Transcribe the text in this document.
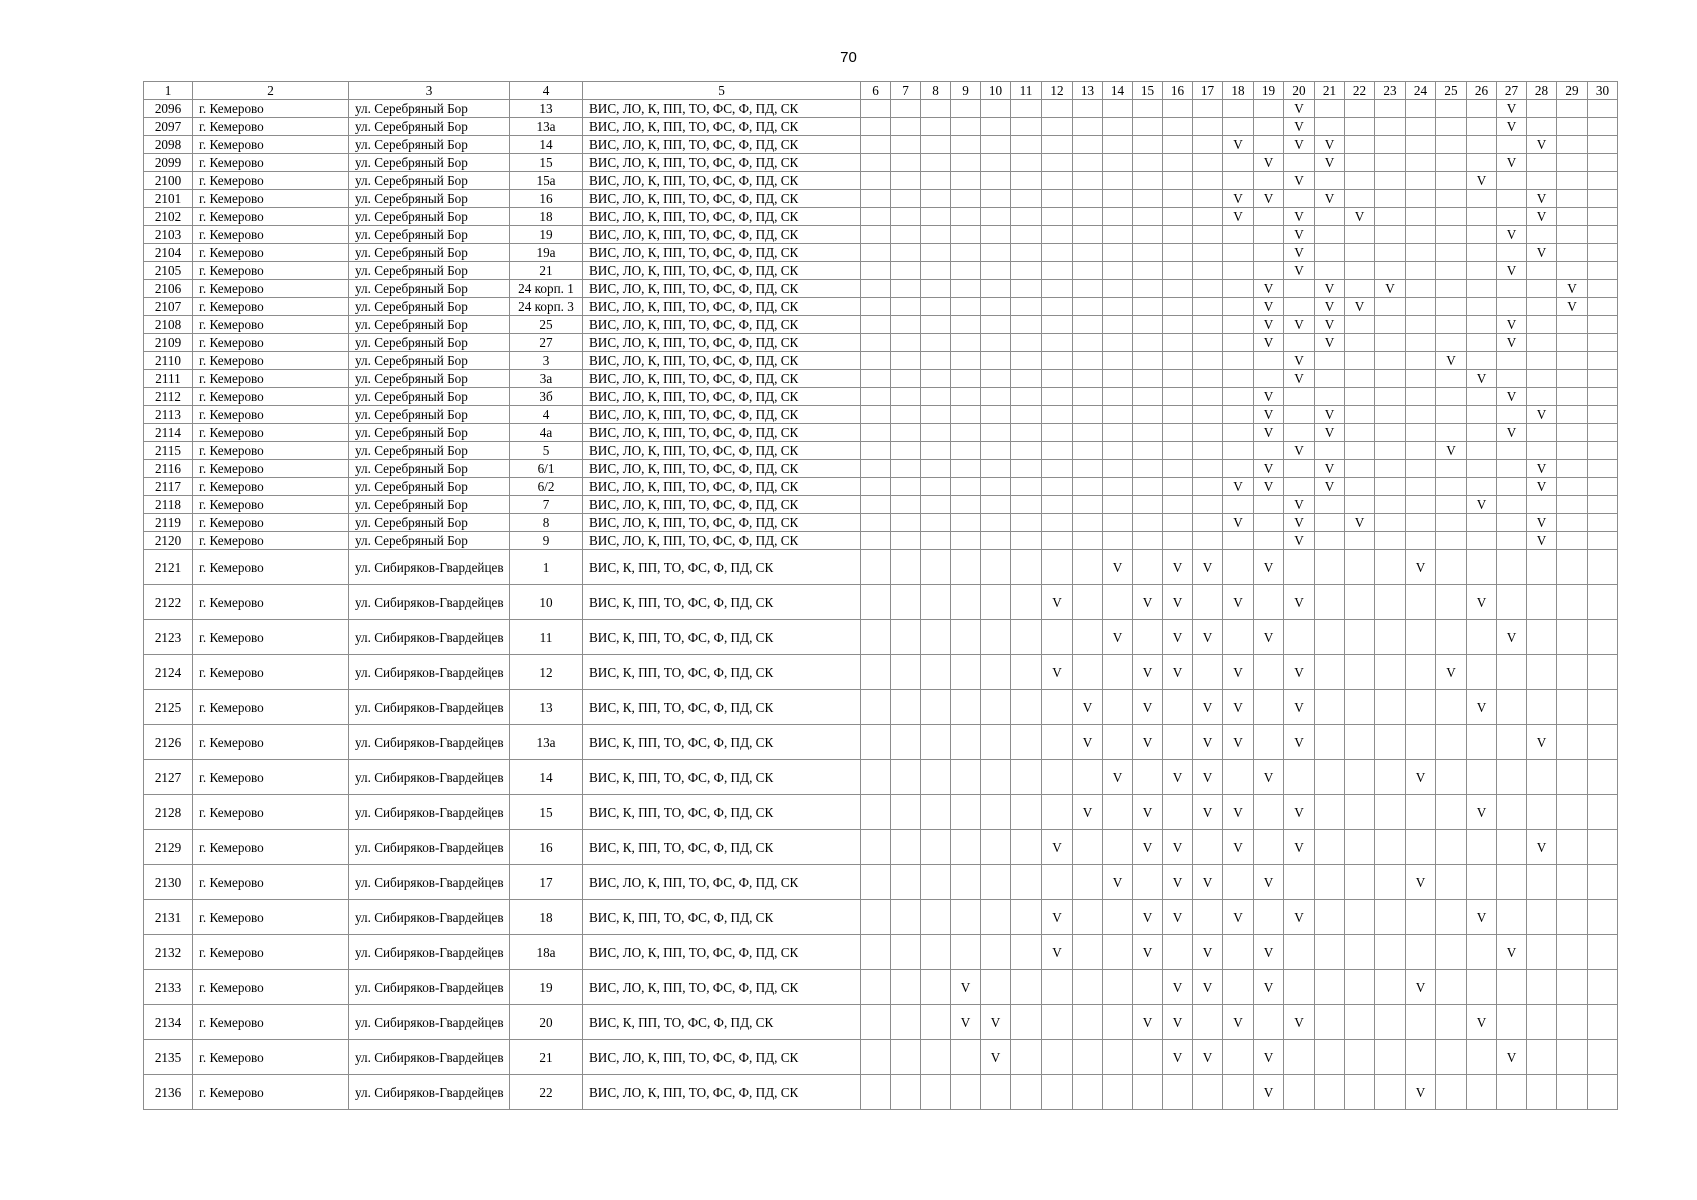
70
1	2	3	4	5	6	7	8	9	10	11	12	13	14	15	16	17	18	19	20	21	22	23	24	25	26	27	28	29	30
2096	г. Кемерово	ул. Серебряный Бор	13	ВИС, ЛО, К, ПП, ТО, ФС, Ф, ПД, СК															V							V			
2097	г. Кемерово	ул. Серебряный Бор	13а	ВИС, ЛО, К, ПП, ТО, ФС, Ф, ПД, СК															V							V			
2098	г. Кемерово	ул. Серебряный Бор	14	ВИС, ЛО, К, ПП, ТО, ФС, Ф, ПД, СК													V		V	V							V		
2099	г. Кемерово	ул. Серебряный Бор	15	ВИС, ЛО, К, ПП, ТО, ФС, Ф, ПД, СК														V		V						V			
2100	г. Кемерово	ул. Серебряный Бор	15а	ВИС, ЛО, К, ПП, ТО, ФС, Ф, ПД, СК															V						V				
2101	г. Кемерово	ул. Серебряный Бор	16	ВИС, ЛО, К, ПП, ТО, ФС, Ф, ПД, СК													V	V		V							V		
2102	г. Кемерово	ул. Серебряный Бор	18	ВИС, ЛО, К, ПП, ТО, ФС, Ф, ПД, СК													V		V		V						V		
2103	г. Кемерово	ул. Серебряный Бор	19	ВИС, ЛО, К, ПП, ТО, ФС, Ф, ПД, СК															V							V			
2104	г. Кемерово	ул. Серебряный Бор	19а	ВИС, ЛО, К, ПП, ТО, ФС, Ф, ПД, СК															V								V		
2105	г. Кемерово	ул. Серебряный Бор	21	ВИС, ЛО, К, ПП, ТО, ФС, Ф, ПД, СК															V							V			
2106	г. Кемерово	ул. Серебряный Бор	24 корп. 1	ВИС, ЛО, К, ПП, ТО, ФС, Ф, ПД, СК														V		V		V						V	
2107	г. Кемерово	ул. Серебряный Бор	24 корп. 3	ВИС, ЛО, К, ПП, ТО, ФС, Ф, ПД, СК														V		V	V							V	
2108	г. Кемерово	ул. Серебряный Бор	25	ВИС, ЛО, К, ПП, ТО, ФС, Ф, ПД, СК														V	V	V						V			
2109	г. Кемерово	ул. Серебряный Бор	27	ВИС, ЛО, К, ПП, ТО, ФС, Ф, ПД, СК														V		V						V			
2110	г. Кемерово	ул. Серебряный Бор	3	ВИС, ЛО, К, ПП, ТО, ФС, Ф, ПД, СК															V					V					
2111	г. Кемерово	ул. Серебряный Бор	3а	ВИС, ЛО, К, ПП, ТО, ФС, Ф, ПД, СК															V						V				
2112	г. Кемерово	ул. Серебряный Бор	3б	ВИС, ЛО, К, ПП, ТО, ФС, Ф, ПД, СК														V								V			
2113	г. Кемерово	ул. Серебряный Бор	4	ВИС, ЛО, К, ПП, ТО, ФС, Ф, ПД, СК														V		V							V		
2114	г. Кемерово	ул. Серебряный Бор	4а	ВИС, ЛО, К, ПП, ТО, ФС, Ф, ПД, СК														V		V						V			
2115	г. Кемерово	ул. Серебряный Бор	5	ВИС, ЛО, К, ПП, ТО, ФС, Ф, ПД, СК															V					V					
2116	г. Кемерово	ул. Серебряный Бор	6/1	ВИС, ЛО, К, ПП, ТО, ФС, Ф, ПД, СК														V		V							V		
2117	г. Кемерово	ул. Серебряный Бор	6/2	ВИС, ЛО, К, ПП, ТО, ФС, Ф, ПД, СК													V	V		V							V		
2118	г. Кемерово	ул. Серебряный Бор	7	ВИС, ЛО, К, ПП, ТО, ФС, Ф, ПД, СК															V						V				
2119	г. Кемерово	ул. Серебряный Бор	8	ВИС, ЛО, К, ПП, ТО, ФС, Ф, ПД, СК													V		V		V						V		
2120	г. Кемерово	ул. Серебряный Бор	9	ВИС, ЛО, К, ПП, ТО, ФС, Ф, ПД, СК															V								V		
2121	г. Кемерово	ул. Сибиряков-Гвардейцев	1	ВИС, К, ПП, ТО, ФС, Ф, ПД, СК									V		V	V		V					V						
2122	г. Кемерово	ул. Сибиряков-Гвардейцев	10	ВИС, К, ПП, ТО, ФС, Ф, ПД, СК							V			V	V		V		V						V				
2123	г. Кемерово	ул. Сибиряков-Гвардейцев	11	ВИС, К, ПП, ТО, ФС, Ф, ПД, СК									V		V	V		V								V			
2124	г. Кемерово	ул. Сибиряков-Гвардейцев	12	ВИС, К, ПП, ТО, ФС, Ф, ПД, СК							V			V	V		V		V					V					
2125	г. Кемерово	ул. Сибиряков-Гвардейцев	13	ВИС, К, ПП, ТО, ФС, Ф, ПД, СК								V		V		V	V		V						V				
2126	г. Кемерово	ул. Сибиряков-Гвардейцев	13а	ВИС, К, ПП, ТО, ФС, Ф, ПД, СК								V		V		V	V		V								V		
2127	г. Кемерово	ул. Сибиряков-Гвардейцев	14	ВИС, К, ПП, ТО, ФС, Ф, ПД, СК									V		V	V		V					V						
2128	г. Кемерово	ул. Сибиряков-Гвардейцев	15	ВИС, К, ПП, ТО, ФС, Ф, ПД, СК								V		V		V	V		V						V				
2129	г. Кемерово	ул. Сибиряков-Гвардейцев	16	ВИС, К, ПП, ТО, ФС, Ф, ПД, СК							V			V	V		V		V								V		
2130	г. Кемерово	ул. Сибиряков-Гвардейцев	17	ВИС, ЛО, К, ПП, ТО, ФС, Ф, ПД, СК									V		V	V		V					V						
2131	г. Кемерово	ул. Сибиряков-Гвардейцев	18	ВИС, К, ПП, ТО, ФС, Ф, ПД, СК							V			V	V		V		V						V				
2132	г. Кемерово	ул. Сибиряков-Гвардейцев	18а	ВИС, ЛО, К, ПП, ТО, ФС, Ф, ПД, СК							V			V		V		V								V			
2133	г. Кемерово	ул. Сибиряков-Гвардейцев	19	ВИС, ЛО, К, ПП, ТО, ФС, Ф, ПД, СК				V							V	V		V					V						
2134	г. Кемерово	ул. Сибиряков-Гвардейцев	20	ВИС, К, ПП, ТО, ФС, Ф, ПД, СК				V	V					V	V		V		V						V				
2135	г. Кемерово	ул. Сибиряков-Гвардейцев	21	ВИС, ЛО, К, ПП, ТО, ФС, Ф, ПД, СК					V						V	V		V								V			
2136	г. Кемерово	ул. Сибиряков-Гвардейцев	22	ВИС, ЛО, К, ПП, ТО, ФС, Ф, ПД, СК														V					V						
